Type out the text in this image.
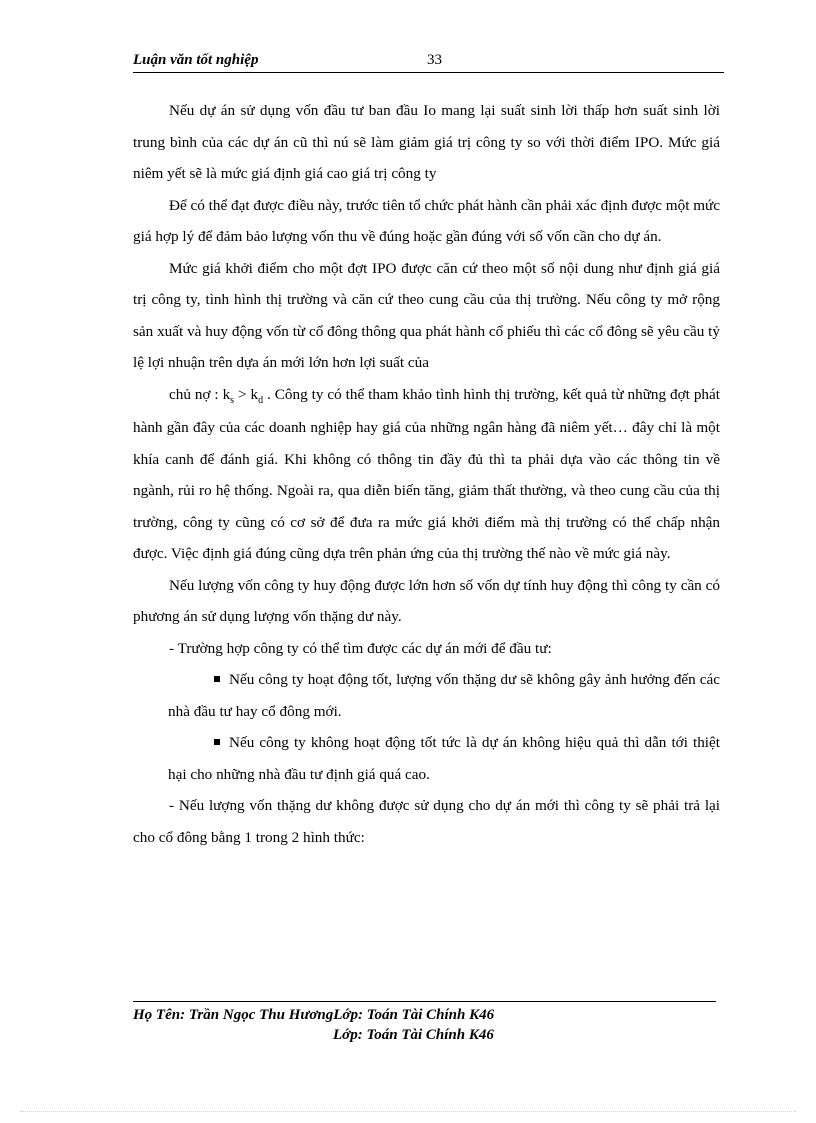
Luận văn tốt nghiệp	33

Nếu dự án sử dụng vốn đầu tư ban đầu Io mang lại suất sinh lời thấp hơn suất sinh lời trung bình của các dự án cũ thì nú sẽ làm giảm giá trị công ty so với thời điểm IPO. Mức giá niêm yết sẽ là mức giá định giá cao giá trị công ty

Để có thể đạt được điều này, trước tiên tổ chức phát hành cần phải xác định được một mức giá hợp lý để đảm bảo lượng vốn thu về đúng hoặc gần đúng với số vốn cần cho dự án.

Mức giá khởi điểm cho một đợt IPO được căn cứ theo một số nội dung như định giá giá trị công ty, tình hình thị trường và căn cứ theo cung cầu của thị trường. Nếu công ty mở rộng sản xuất và huy động vốn từ cổ đông thông qua phát hành cổ phiếu thì các cổ đông sẽ yêu cầu tỷ lệ lợi nhuận trên dựa án mới lớn hơn lợi suất của

chủ nợ : $k_s > k_d$ . Công ty có thể tham khảo tình hình thị trường, kết quả từ những đợt phát hành gần đây của các doanh nghiệp hay giá của những ngân hàng đã niêm yết… đây chỉ là một khía canh để đánh giá. Khi không có thông tin đầy đủ thì ta phải dựa vào các thông tin về ngành, rủi ro hệ thống. Ngoài ra, qua diễn biến tăng, giảm thất thường, và theo cung cầu của thị trường, công ty cũng có cơ sở để đưa ra mức giá khởi điểm mà thị trường có thể chấp nhận được. Việc định giá đúng cũng dựa trên phản ứng của thị trường thế nào về mức giá này.

Nếu lượng vốn công ty huy động được lớn hơn số vốn dự tính huy động thì công ty cần có phương án sử dụng lượng vốn thặng dư này.

- Trường hợp công ty có thể tìm được các dự án mới để đầu tư:

Nếu công ty hoạt động tốt, lượng vốn thặng dư sẽ không gây ảnh hưởng đến các nhà đầu tư hay cổ đông mới.

Nếu công ty không hoạt động tốt tức là dự án không hiệu quả thì dẫn tới thiệt hại cho những nhà đầu tư định giá quá cao.

- Nếu lượng vốn thặng dư không được sử dụng cho dự án mới thì công ty sẽ phải trả lại cho cổ đông bằng 1 trong 2 hình thức:

Họ Tên: Trần Ngọc Thu HươngLớp: Toán Tài Chính K46
Lớp: Toán Tài Chính K46
